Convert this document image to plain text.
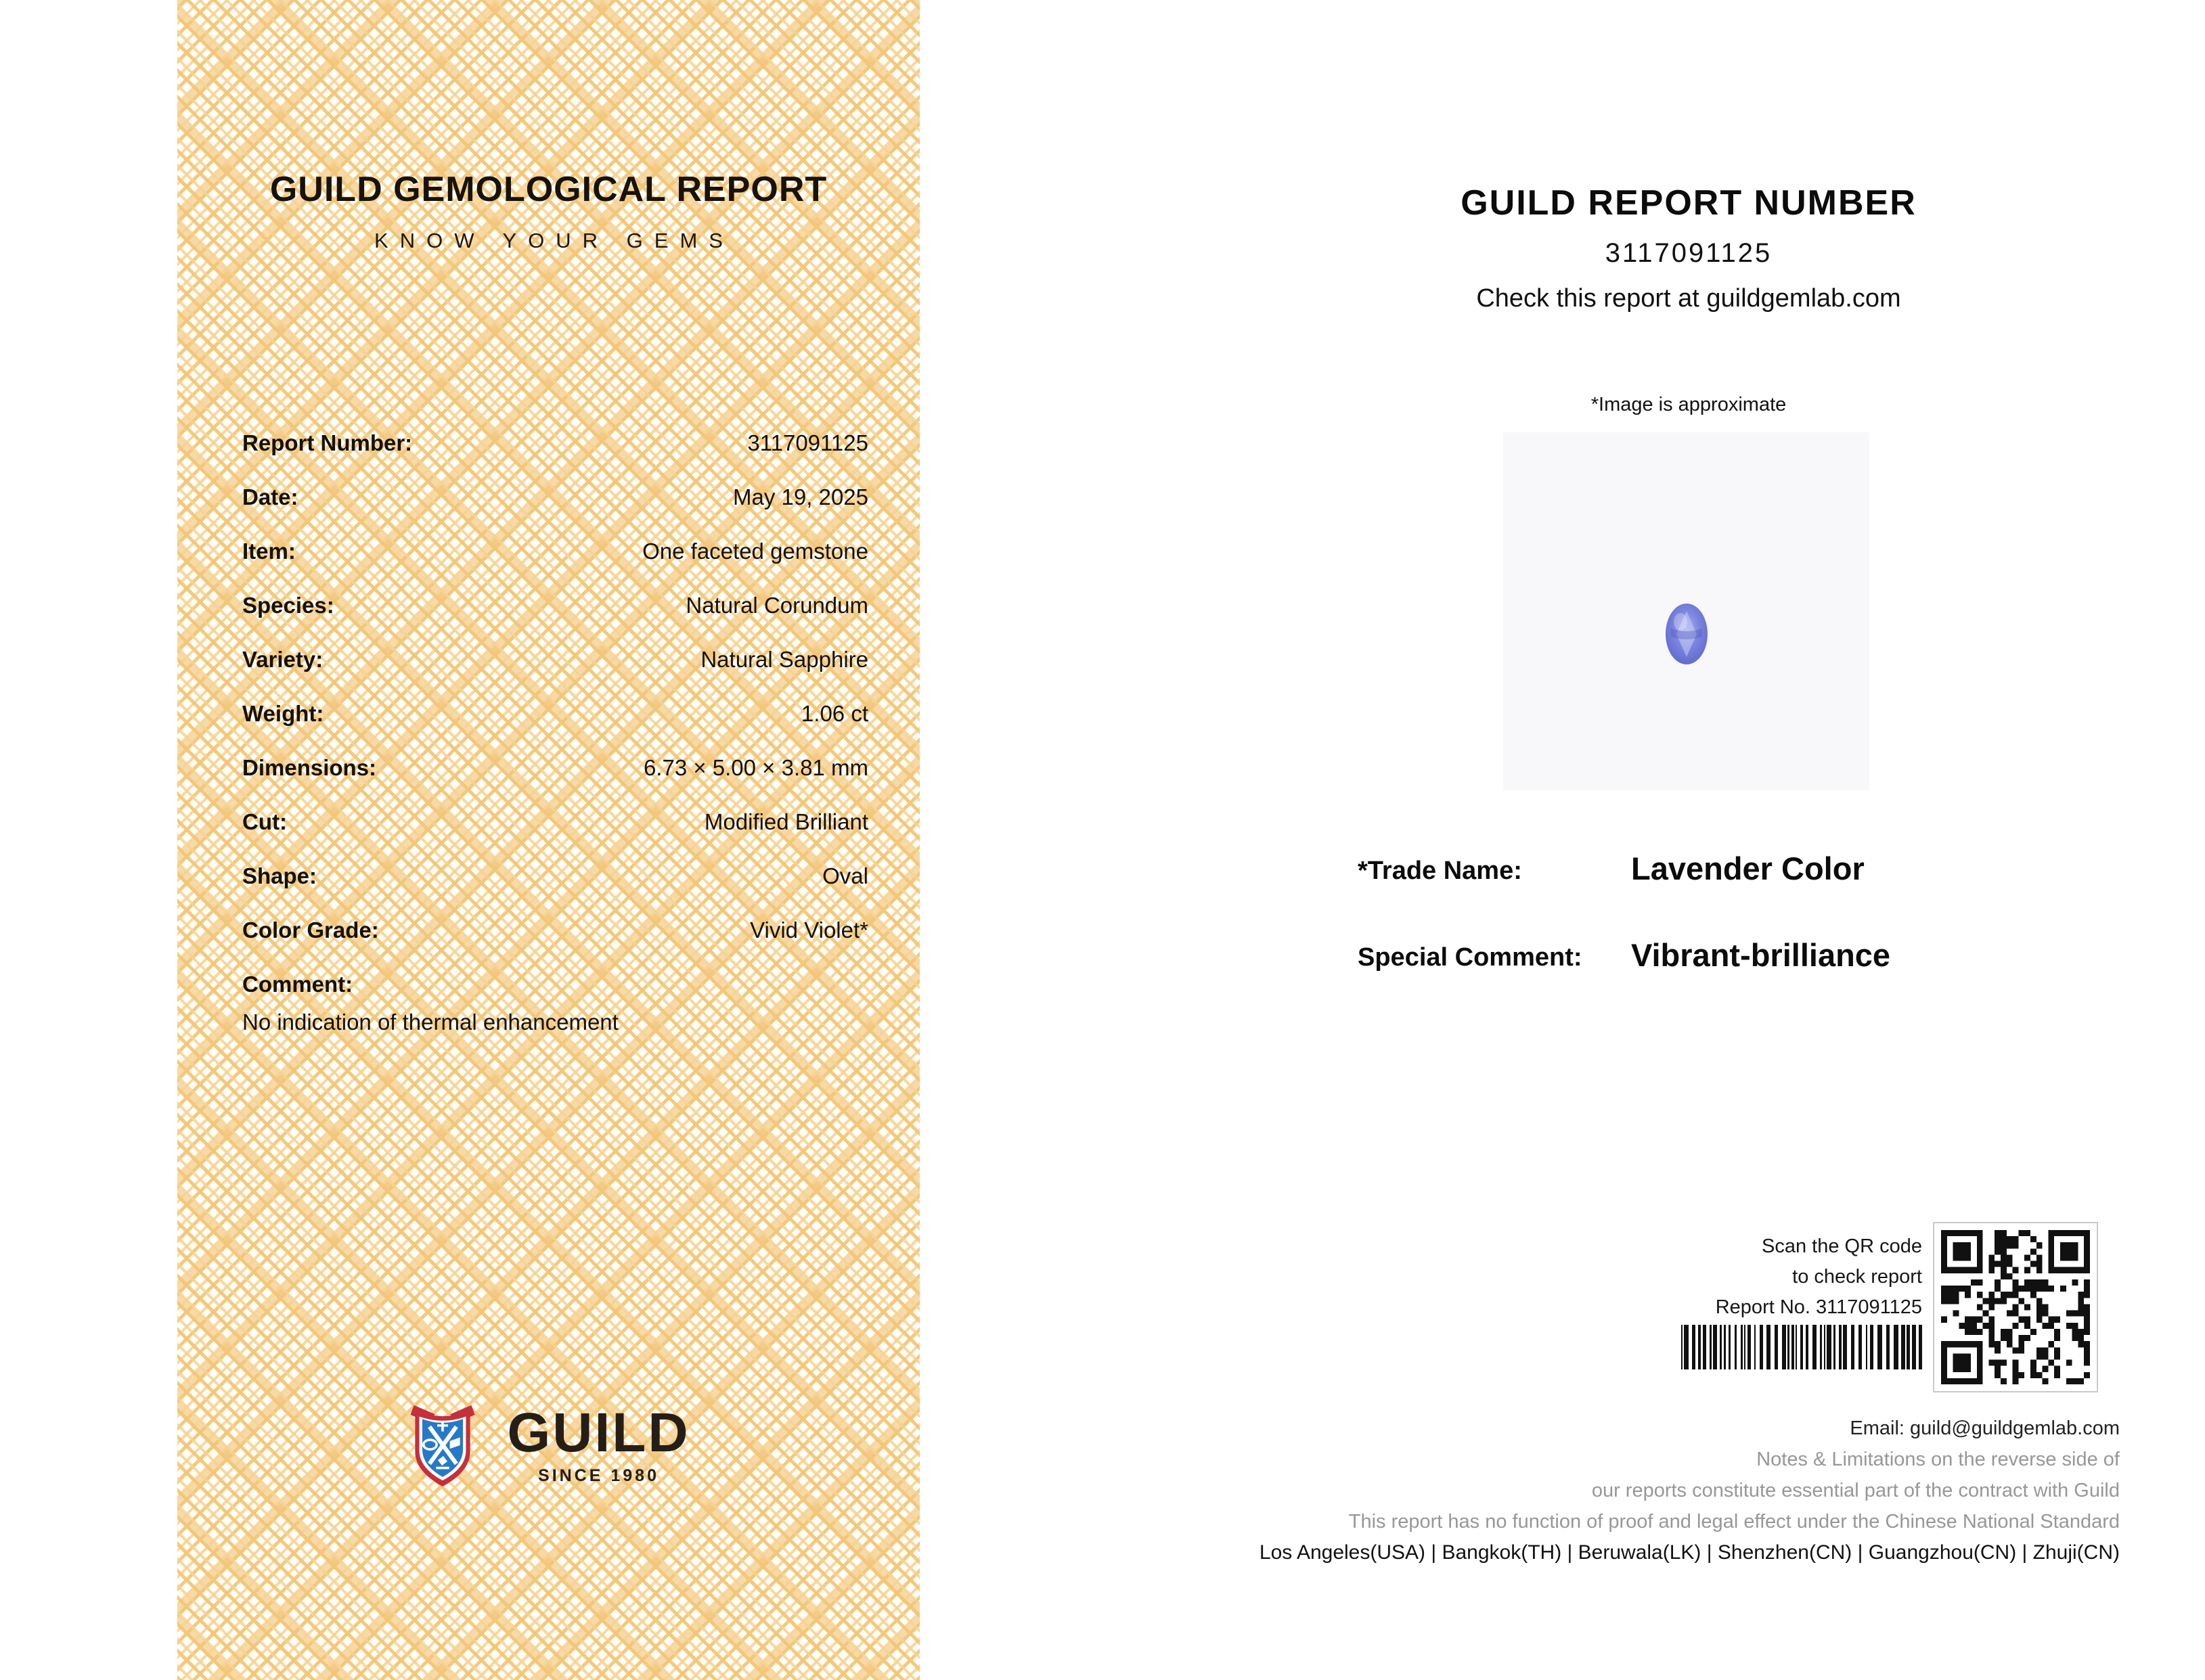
GUILD GEMOLOGICAL REPORT
KNOW YOUR GEMS
Report Number:	3117091125
Date:	May 19, 2025
Item:	One faceted gemstone
Species:	Natural Corundum
Variety:	Natural Sapphire
Weight:	1.06 ct
Dimensions:	6.73 × 5.00 × 3.81 mm
Cut:	Modified Brilliant
Shape:	Oval
Color Grade:	Vivid Violet*
Comment:
No indication of thermal enhancement
GUILD
SINCE 1980
GUILD REPORT NUMBER
3117091125
Check this report at guildgemlab.com
*Image is approximate
*Trade Name:	Lavender Color
Special Comment: Vibrant-brilliance
Scan the QR code
to check report
Report No. 3117091125
Email: guild@guildgemlab.com
Notes & Limitations on the reverse side of
our reports constitute essential part of the contract with Guild
This report has no function of proof and legal effect under the Chinese National Standard
Los Angeles(USA) | Bangkok(TH) | Beruwala(LK) | Shenzhen(CN) | Guangzhou(CN) | Zhuji(CN)
